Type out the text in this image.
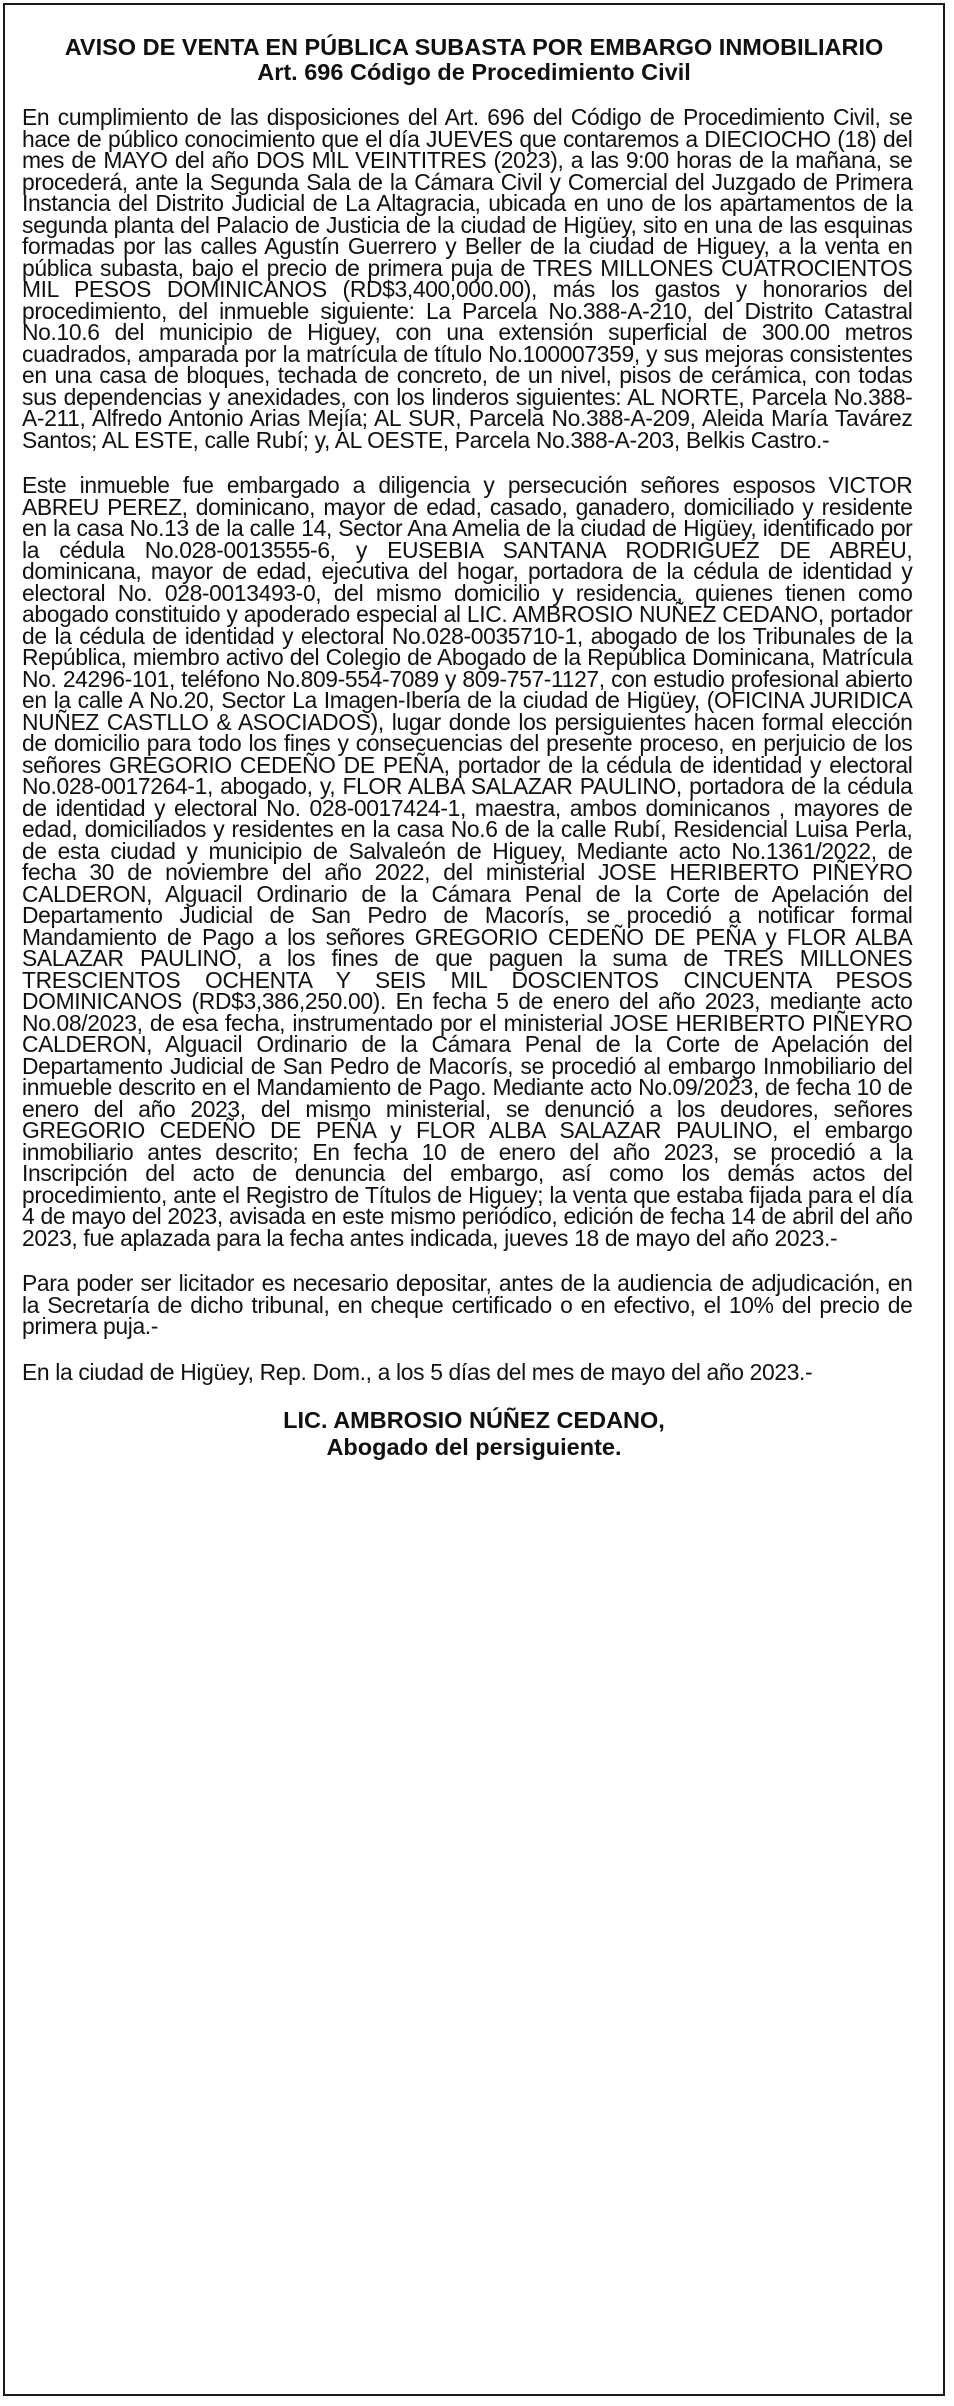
AVISO DE VENTA EN PÚBLICA SUBASTA POR EMBARGO INMOBILIARIO
Art. 696 Código de Procedimiento Civil

En cumplimiento de las disposiciones del Art. 696 del Código de Procedimiento Civil, se hace de público conocimiento que el día JUEVES que contaremos a DIECIOCHO (18) del mes de MAYO del año DOS MIL VEINTITRES (2023), a las 9:00 horas de la mañana, se procederá, ante la Segunda Sala de la Cámara Civil y Comercial del Juzgado de Primera Instancia del Distrito Judicial de La Altagracia, ubicada en uno de los apartamentos de la segunda planta del Palacio de Justicia de la ciudad de Higüey, sito en una de las esquinas formadas por las calles Agustín Guerrero y Beller de la ciudad de Higuey, a la venta en pública subasta, bajo el precio de primera puja de TRES MILLONES CUATROCIENTOS MIL PESOS DOMINICANOS (RD$3,400,000.00), más los gastos y honorarios del procedimiento, del inmueble siguiente: La Parcela No.388-A-210, del Distrito Catastral No.10.6 del municipio de Higuey, con una extensión superficial de 300.00 metros cuadrados, amparada por la matrícula de título No.100007359, y sus mejoras consistentes en una casa de bloques, techada de concreto, de un nivel, pisos de cerámica, con todas sus dependencias y anexidades, con los linderos siguientes: AL NORTE, Parcela No.388-A-211, Alfredo Antonio Arias Mejía; AL SUR, Parcela No.388-A-209, Aleida María Tavárez Santos; AL ESTE, calle Rubí; y, AL OESTE, Parcela No.388-A-203, Belkis Castro.-

Este inmueble fue embargado a diligencia y persecución señores esposos VICTOR ABREU PEREZ, dominicano, mayor de edad, casado, ganadero, domiciliado y residente en la casa No.13 de la calle 14, Sector Ana Amelia de la ciudad de Higüey, identificado por la cédula No.028-0013555-6, y EUSEBIA SANTANA RODRIGUEZ DE ABREU, dominicana, mayor de edad, ejecutiva del hogar, portadora de la cédula de identidad y electoral No. 028-0013493-0, del mismo domicilio y residencia, quienes tienen como abogado constituido y apoderado especial al LIC. AMBROSIO NUÑEZ CEDANO, portador de la cédula de identidad y electoral No.028-0035710-1, abogado de los Tribunales de la República, miembro activo del Colegio de Abogado de la República Dominicana, Matrícula No. 24296-101, teléfono No.809-554-7089 y 809-757-1127, con estudio profesional abierto en la calle A No.20, Sector La Imagen-Iberia de la ciudad de Higüey, (OFICINA JURIDICA NUÑEZ CASTLLO & ASOCIADOS), lugar donde los persiguientes hacen formal elección de domicilio para todo los fines y consecuencias del presente proceso, en perjuicio de los señores GREGORIO CEDEÑO DE PEÑA, portador de la cédula de identidad y electoral No.028-0017264-1, abogado, y, FLOR ALBA SALAZAR PAULINO, portadora de la cédula de identidad y electoral No. 028-0017424-1, maestra, ambos dominicanos , mayores de edad, domiciliados y residentes en la casa No.6 de la calle Rubí, Residencial Luisa Perla, de esta ciudad y municipio de Salvaleón de Higuey, Mediante acto No.1361/2022, de fecha 30 de noviembre del año 2022, del ministerial JOSE HERIBERTO PIÑEYRO CALDERON, Alguacil Ordinario de la Cámara Penal de la Corte de Apelación del Departamento Judicial de San Pedro de Macorís, se procedió a notificar formal Mandamiento de Pago a los señores GREGORIO CEDEÑO DE PEÑA y FLOR ALBA SALAZAR PAULINO, a los fines de que paguen la suma de TRES MILLONES TRESCIENTOS OCHENTA Y SEIS MIL DOSCIENTOS CINCUENTA PESOS DOMINICANOS (RD$3,386,250.00). En fecha 5 de enero del año 2023, mediante acto No.08/2023, de esa fecha, instrumentado por el ministerial JOSE HERIBERTO PIÑEYRO CALDERON, Alguacil Ordinario de la Cámara Penal de la Corte de Apelación del Departamento Judicial de San Pedro de Macorís, se procedió al embargo Inmobiliario del inmueble descrito en el Mandamiento de Pago. Mediante acto No.09/2023, de fecha 10 de enero del año 2023, del mismo ministerial, se denunció a los deudores, señores GREGORIO CEDEÑO DE PEÑA y FLOR ALBA SALAZAR PAULINO, el embargo inmobiliario antes descrito; En fecha 10 de enero del año 2023, se procedió a la Inscripción del acto de denuncia del embargo, así como los demás actos del procedimiento, ante el Registro de Títulos de Higuey; la venta que estaba fijada para el día 4 de mayo del 2023, avisada en este mismo periódico, edición de fecha 14 de abril del año 2023, fue aplazada para la fecha antes indicada, jueves 18 de mayo del año 2023.-

Para poder ser licitador es necesario depositar, antes de la audiencia de adjudicación, en la Secretaría de dicho tribunal, en cheque certificado o en efectivo, el 10% del precio de primera puja.-

En la ciudad de Higüey, Rep. Dom., a los 5 días del mes de mayo del año 2023.-

LIC. AMBROSIO NÚÑEZ CEDANO,

Abogado del persiguiente.
